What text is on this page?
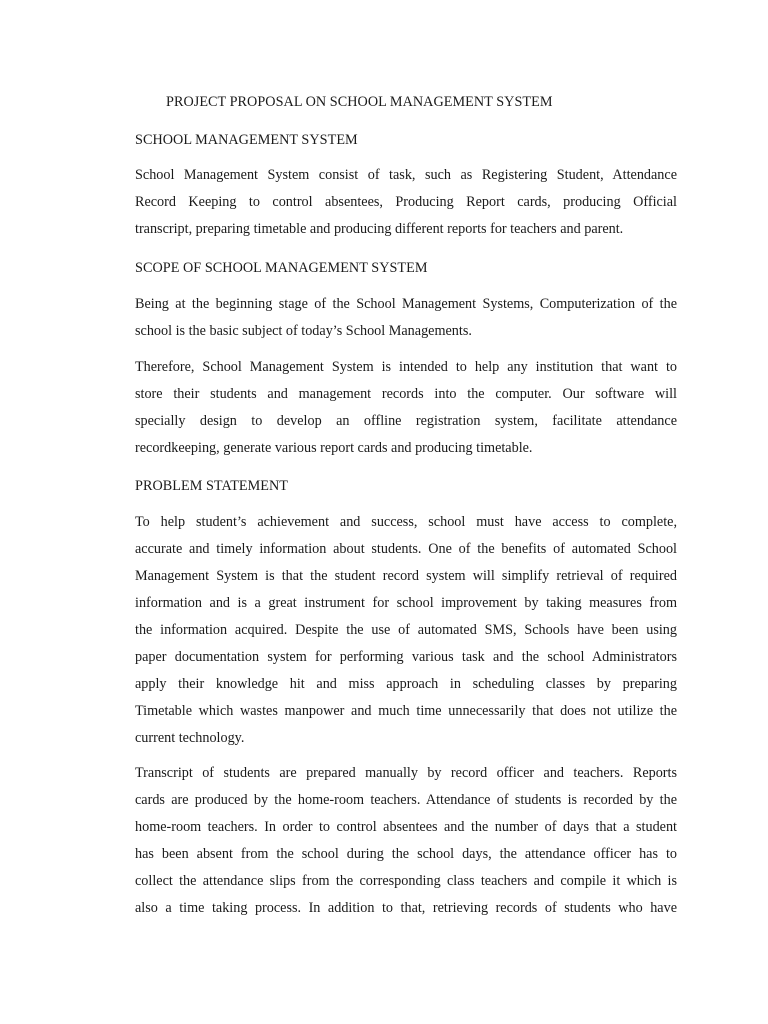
PROJECT PROPOSAL ON SCHOOL MANAGEMENT SYSTEM
SCHOOL MANAGEMENT SYSTEM
School Management System consist of task, such as Registering Student, Attendance
Record Keeping to control absentees, Producing Report cards, producing Official
transcript, preparing timetable and producing different reports for teachers and parent.
SCOPE OF SCHOOL MANAGEMENT SYSTEM
Being at the beginning stage of the School Management Systems, Computerization of the
school is the basic subject of today’s School Managements.
Therefore, School Management System is intended to help any institution that want to
store their students and management records into the computer. Our software will
specially design to develop an offline registration system, facilitate attendance
recordkeeping, generate various report cards and producing timetable.
PROBLEM STATEMENT
To help student’s achievement and success, school must have access to complete,
accurate and timely information about students. One of the benefits of automated School
Management System is that the student record system will simplify retrieval of required
information and is a great instrument for school improvement by taking measures from
the information acquired. Despite the use of automated SMS, Schools have been using
paper documentation system for performing various task and the school Administrators
apply their knowledge hit and miss approach in scheduling classes by preparing
Timetable which wastes manpower and much time unnecessarily that does not utilize the
current technology.
Transcript of students are prepared manually by record officer and teachers. Reports
cards are produced by the home-room teachers. Attendance of students is recorded by the
home-room teachers. In order to control absentees and the number of days that a student
has been absent from the school during the school days, the attendance officer has to
collect the attendance slips from the corresponding class teachers and compile it which is
also a time taking process. In addition to that, retrieving records of students who have
